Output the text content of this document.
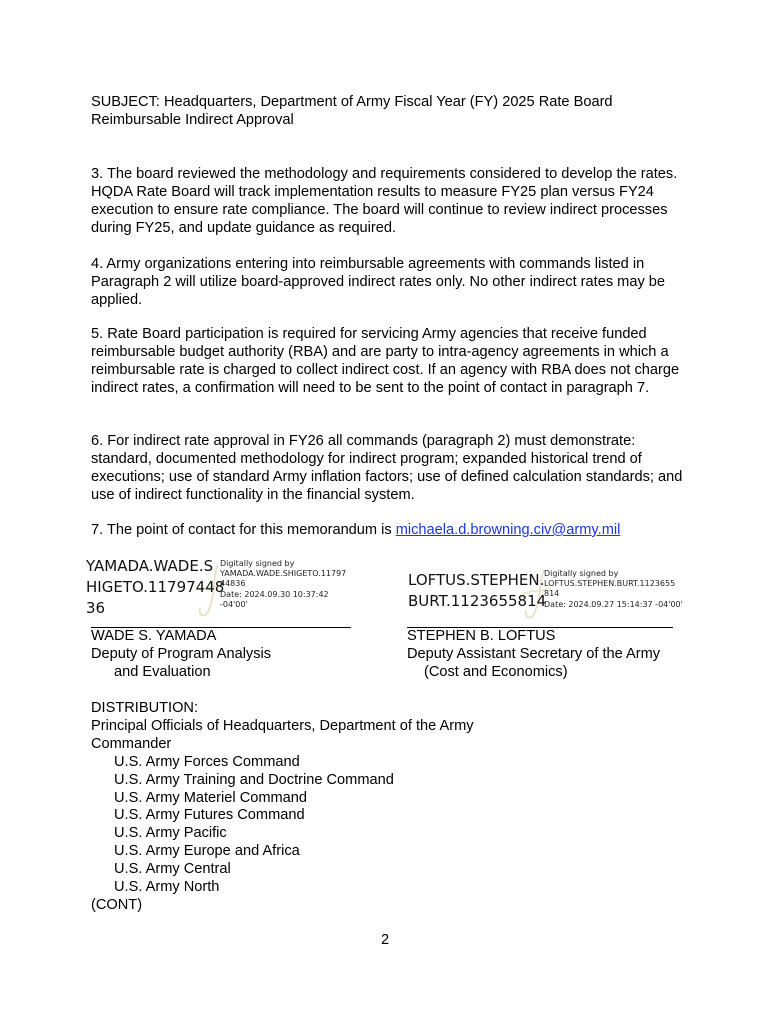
SUBJECT: Headquarters, Department of Army Fiscal Year (FY) 2025 Rate Board
Reimbursable Indirect Approval

3. The board reviewed the methodology and requirements considered to develop the rates. HQDA Rate Board will track implementation results to measure FY25 plan versus FY24 execution to ensure rate compliance. The board will continue to review indirect processes during FY25, and update guidance as required.

4. Army organizations entering into reimbursable agreements with commands listed in Paragraph 2 will utilize board-approved indirect rates only. No other indirect rates may be applied.

5. Rate Board participation is required for servicing Army agencies that receive funded reimbursable budget authority (RBA) and are party to intra-agency agreements in which a reimbursable rate is charged to collect indirect cost. If an agency with RBA does not charge indirect rates, a confirmation will need to be sent to the point of contact in paragraph 7.

6. For indirect rate approval in FY26 all commands (paragraph 2) must demonstrate: standard, documented methodology for indirect program; expanded historical trend of executions; use of standard Army inflation factors; use of defined calculation standards; and use of indirect functionality in the financial system.

7. The point of contact for this memorandum is michaela.d.browning.civ@army.mil

YAMADA.WADE.S
HIGETO.11797448
36
Digitally signed by
YAMADA.WADE.SHIGETO.11797
44836
Date: 2024.09.30 10:37:42
-04'00'
LOFTUS.STEPHEN.
BURT.1123655814
Digitally signed by
LOFTUS.STEPHEN.BURT.1123655
814
Date: 2024.09.27 15:14:37 -04'00'
WADE S. YAMADA
Deputy of Program Analysis
and Evaluation
STEPHEN B. LOFTUS
Deputy Assistant Secretary of the Army
(Cost and Economics)
DISTRIBUTION:
Principal Officials of Headquarters, Department of the Army
Commander
U.S. Army Forces Command
U.S. Army Training and Doctrine Command
U.S. Army Materiel Command
U.S. Army Futures Command
U.S. Army Pacific
U.S. Army Europe and Africa
U.S. Army Central
U.S. Army North
(CONT)
2
